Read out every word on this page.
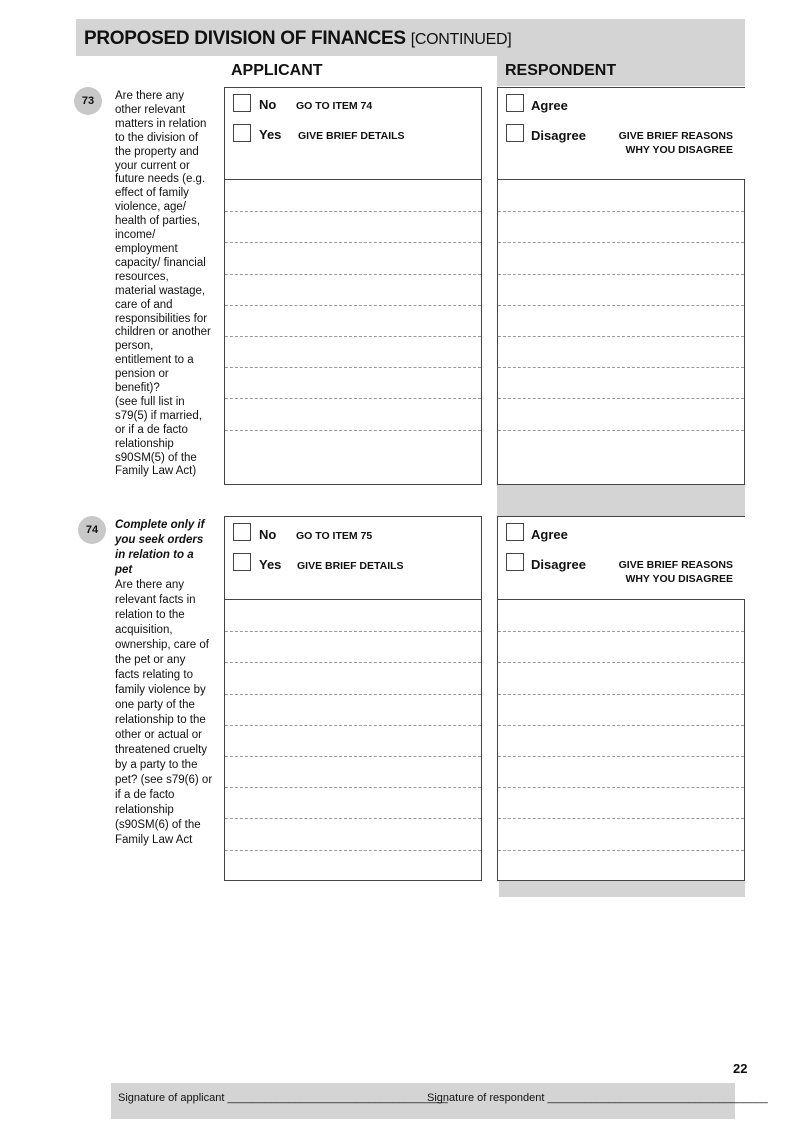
PROPOSED DIVISION OF FINANCES [CONTINUED]
APPLICANT	RESPONDENT
73	Are there any
other relevant
matters in relation
to the division of
the property and
your current or
future needs (e.g.
effect of family
violence, age/
health of parties,
income/
employment
capacity/ financial
resources,
material wastage,
care of and
responsibilities for
children or another
person,
entitlement to a
pension or
benefit)?
(see full list in
s79(5) if married,
or if a de facto
relationship
s90SM(5) of the
Family Law Act)
No GO TO ITEM 74
Yes GIVE BRIEF DETAILS
Agree
Disagree	GIVE BRIEF REASONS
WHY YOU DISAGREE
74	Complete only if
you seek orders
in relation to a
pet
Are there any
relevant facts in
relation to the
acquisition,
ownership, care of
the pet or any
facts relating to
family violence by
one party of the
relationship to the
other or actual or
threatened cruelty
by a party to the
pet? (see s79(6) or
if a de facto
relationship
(s90SM(6) of the
Family Law Act
No GO TO ITEM 75
Yes GIVE BRIEF DETAILS
Agree
Disagree	GIVE BRIEF REASONS
WHY YOU DISAGREE
22
Signature of applicant ____________________________________
Signature of respondent ____________________________________
